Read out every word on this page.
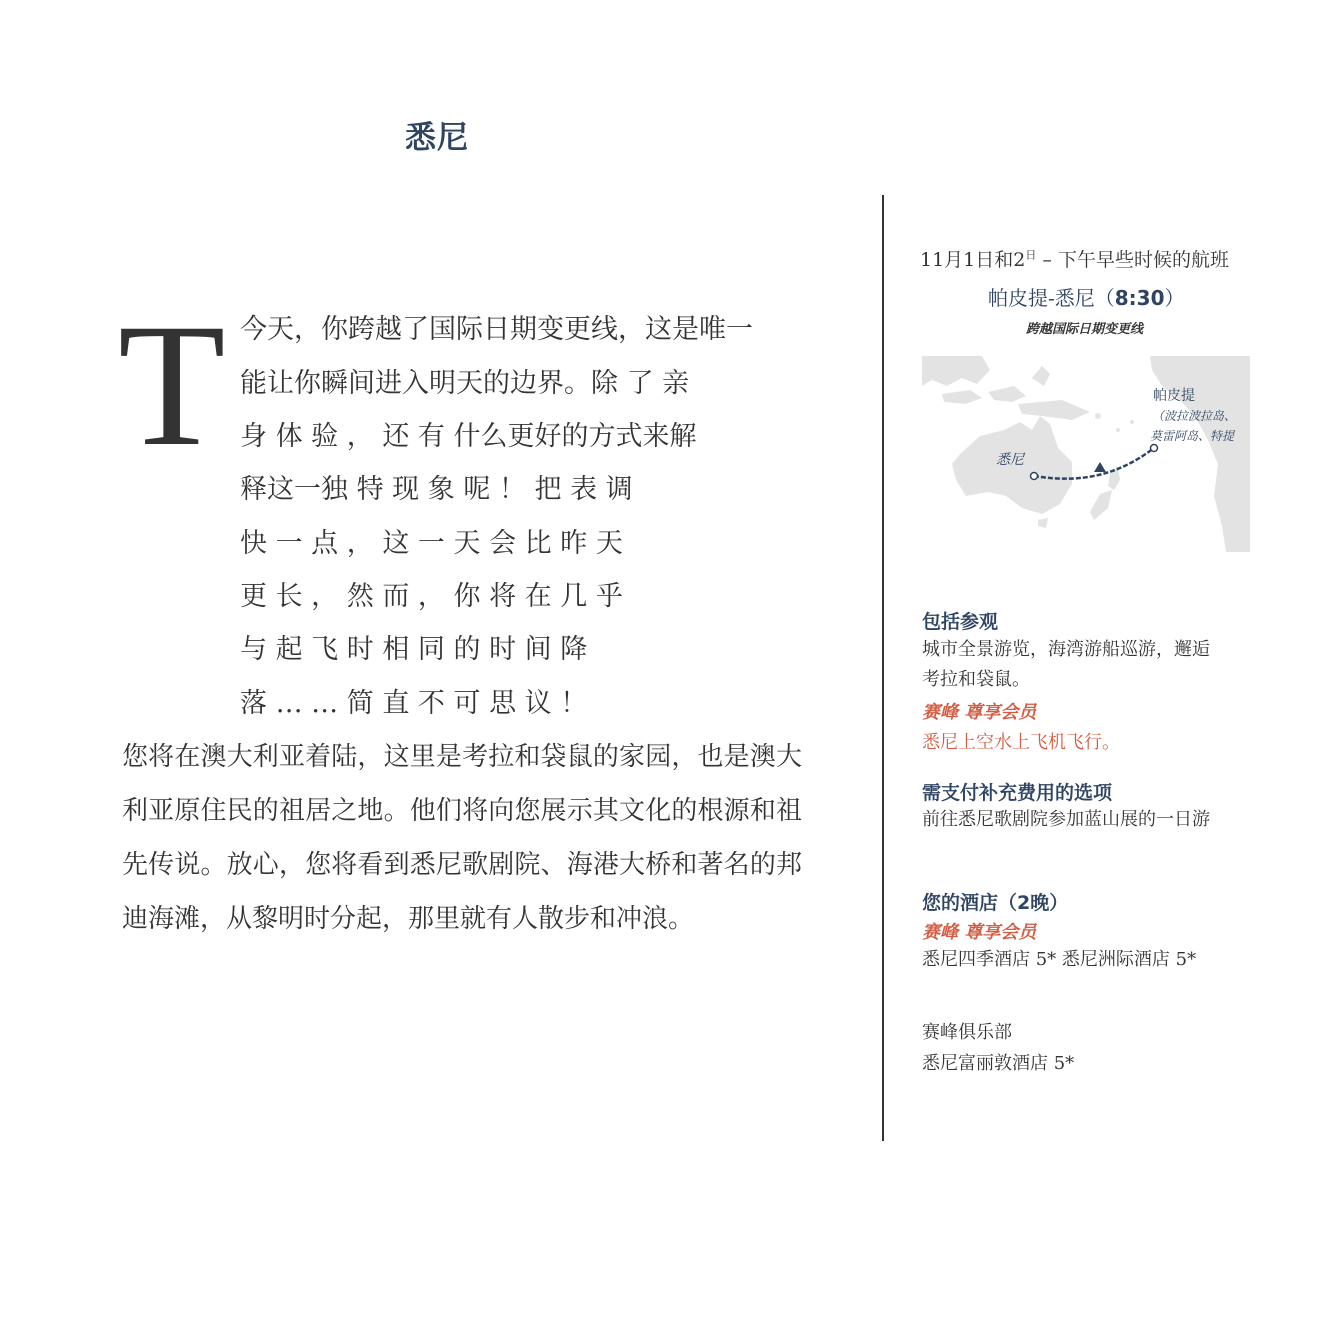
悉尼
T 今天，你跨越了国际日期变更线，这是唯一
能让你瞬间进入明天的边界。除 了 亲
身 体 验 ， 还 有 什么更好的方式来解
释这一独 特 现 象 呢 ！ 把 表 调
快 一 点 ， 这 一 天 会 比 昨 天
更 长 ， 然 而 ， 你 将 在 几 乎
与 起 飞 时 相 同 的 时 间 降
落 … … 简 直 不 可 思 议 ！

您将在澳大利亚着陆，这里是考拉和袋鼠的家园，也是澳大利亚原住民的祖居之地。他们将向您展示其文化的根源和祖先传说。放心，您将看到悉尼歌剧院、海港大桥和著名的邦迪海滩，从黎明时分起，那里就有人散步和冲浪。

11月1日和$2^日$ – 下午早些时候的航班
帕皮提-悉尼（8:30）
跨越国际日期变更线
帕皮提
（波拉波拉岛、
莫雷阿岛、特提
悉尼
包括参观
城市全景游览，海湾游船巡游，邂逅考拉和袋鼠。
赛峰 尊享会员
悉尼上空水上飞机飞行。
需支付补充费用的选项
前往悉尼歌剧院参加蓝山展的一日游
您的酒店（2晚）
赛峰 尊享会员
悉尼四季酒店 5* 悉尼洲际酒店 5*
赛峰俱乐部
悉尼富丽敦酒店 5*
